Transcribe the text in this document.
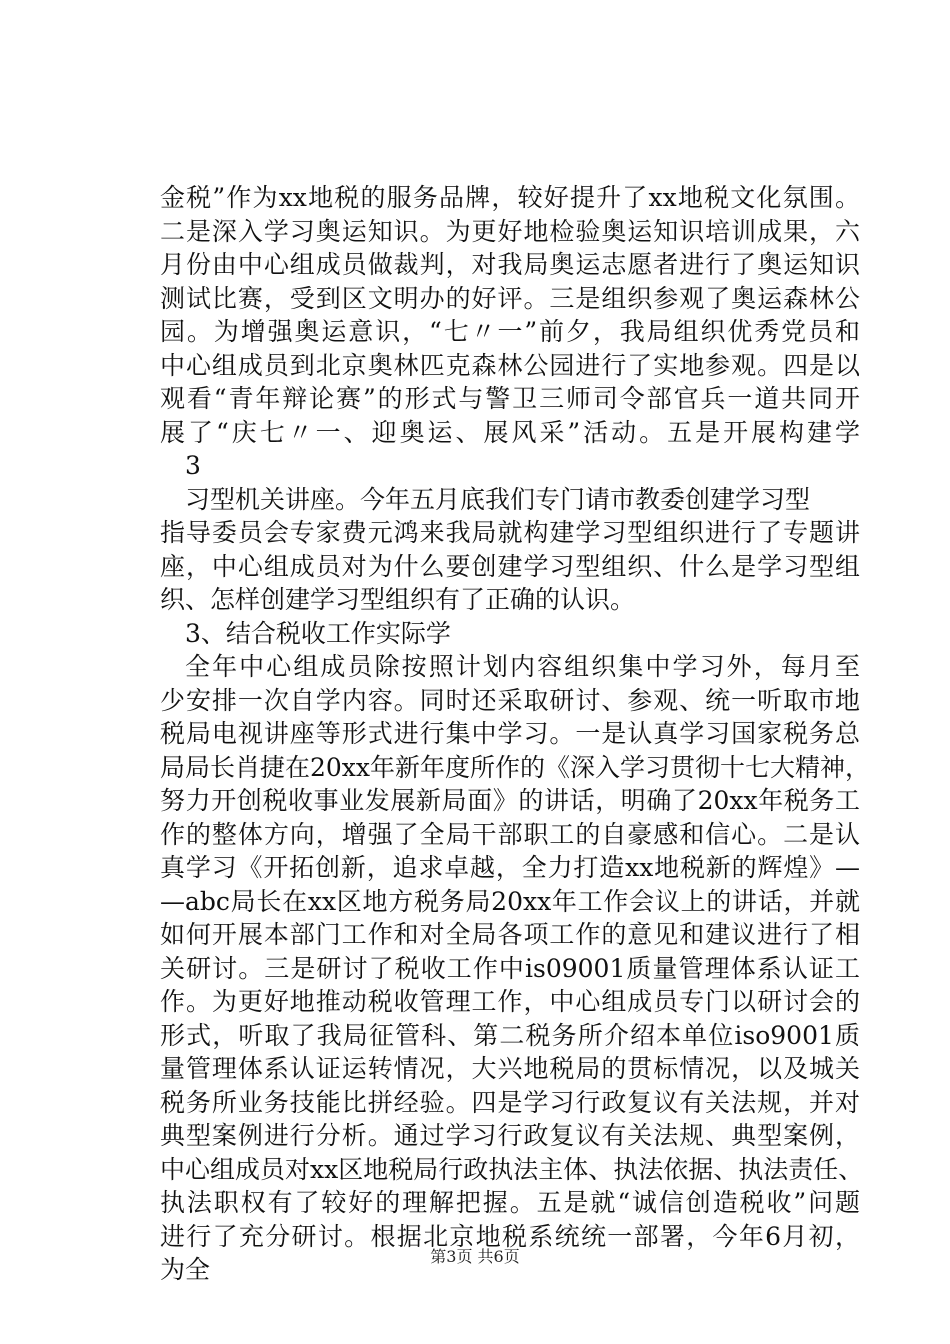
金税”作为xx地税的服务品牌，较好提升了xx地税文化氛围。
二是深入学习奥运知识。为更好地检验奥运知识培训成果，六
月份由中心组成员做裁判，对我局奥运志愿者进行了奥运知识
测试比赛，受到区文明办的好评。三是组织参观了奥运森林公
园。为增强奥运意识，“七〃一”前夕，我局组织优秀党员和
中心组成员到北京奥林匹克森林公园进行了实地参观。四是以
观看“青年辩论赛”的形式与警卫三师司令部官兵一道共同开
展了“庆七〃一、迎奥运、展风采”活动。五是开展构建学
3
习型机关讲座。今年五月底我们专门请市教委创建学习型
指导委员会专家费元鸿来我局就构建学习型组织进行了专题讲
座，中心组成员对为什么要创建学习型组织、什么是学习型组
织、怎样创建学习型组织有了正确的认识。
3、结合税收工作实际学
全年中心组成员除按照计划内容组织集中学习外，每月至
少安排一次自学内容。同时还采取研讨、参观、统一听取市地
税局电视讲座等形式进行集中学习。一是认真学习国家税务总
局局长肖捷在20xx年新年度所作的《深入学习贯彻十七大精神，
努力开创税收事业发展新局面》的讲话，明确了20xx年税务工
作的整体方向，增强了全局干部职工的自豪感和信心。二是认
真学习《开拓创新，追求卓越，全力打造xx地税新的辉煌》—
—abc局长在xx区地方税务局20xx年工作会议上的讲话，并就
如何开展本部门工作和对全局各项工作的意见和建议进行了相
关研讨。三是研讨了税收工作中is09001质量管理体系认证工
作。为更好地推动税收管理工作，中心组成员专门以研讨会的
形式，听取了我局征管科、第二税务所介绍本单位iso9001质
量管理体系认证运转情况，大兴地税局的贯标情况，以及城关
税务所业务技能比拼经验。四是学习行政复议有关法规，并对
典型案例进行分析。通过学习行政复议有关法规、典型案例，
中心组成员对xx区地税局行政执法主体、执法依据、执法责任、
执法职权有了较好的理解把握。五是就“诚信创造税收”问题
进行了充分研讨。根据北京地税系统统一部署，今年6月初，
为全	第3页 共6页
